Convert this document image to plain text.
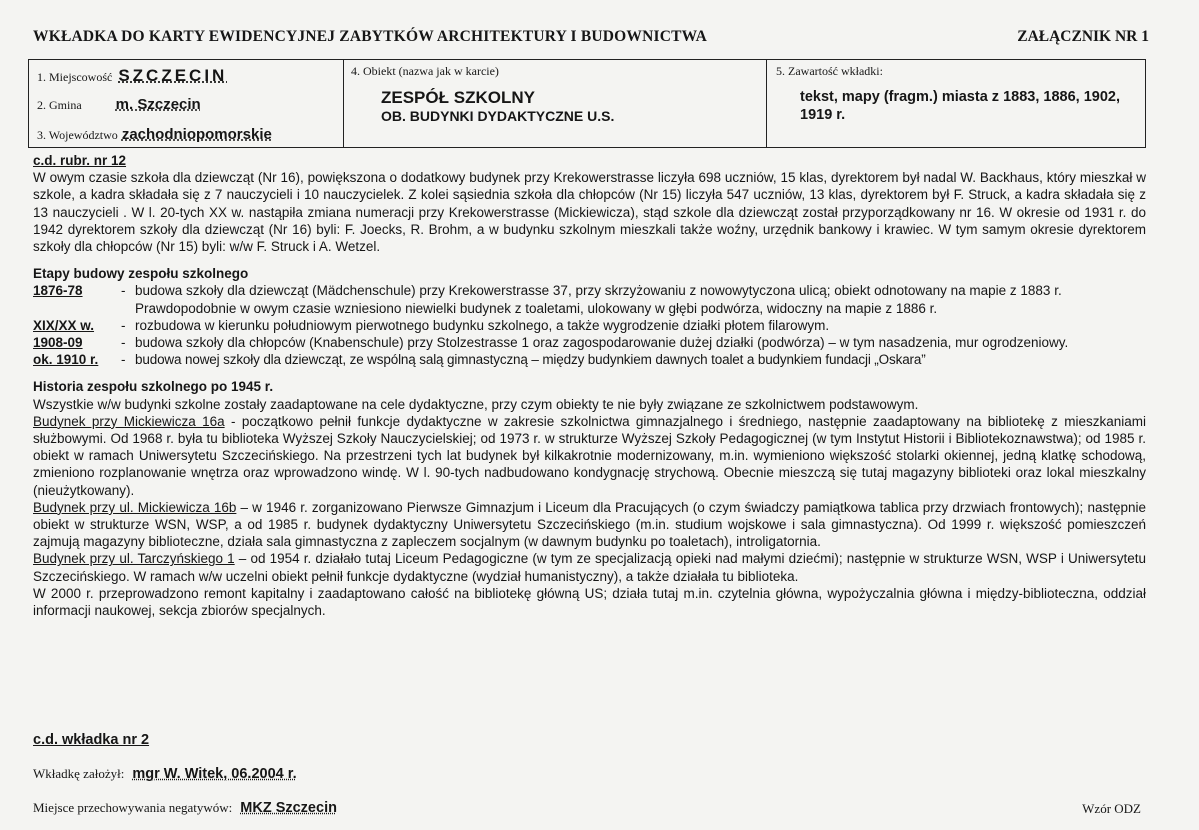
WKŁADKA DO KARTY EWIDENCYJNEJ ZABYTKÓW ARCHITEKTURY I BUDOWNICTWA	ZAŁĄCZNIK NR 1
1. Miejscowość SZCZECIN
2. Gmina m. Szczecin
3. Województwo zachodniopomorskie
4. Obiekt (nazwa jak w karcie)
ZESPÓŁ SZKOLNY
OB. BUDYNKI DYDAKTYCZNE U.S.
5. Zawartość wkładki:
tekst, mapy (fragm.) miasta z 1883, 1886, 1902, 1919 r.
c.d. rubr. nr 12

W owym czasie szkoła dla dziewcząt (Nr 16), powiększona o dodatkowy budynek przy Krekowerstrasse liczyła 698 uczniów, 15 klas, dyrektorem był nadal W. Backhaus, który mieszkał w szkole, a kadra składała się z 7 nauczycieli i 10 nauczycielek. Z kolei sąsiednia szkoła dla chłopców (Nr 15) liczyła 547 uczniów, 13 klas, dyrektorem był F. Struck, a kadra składała się z 13 nauczycieli . W l. 20-tych XX w. nastąpiła zmiana numeracji przy Krekowerstrasse (Mickiewicza), stąd szkole dla dziewcząt został przyporządkowany nr 16. W okresie od 1931 r. do 1942 dyrektorem szkoły dla dziewcząt (Nr 16) byli: F. Joecks, R. Brohm, a w budynku szkolnym mieszkali także woźny, urzędnik bankowy i krawiec. W tym samym okresie dyrektorem szkoły dla chłopców (Nr 15) byli: w/w F. Struck i A. Wetzel.

Etapy budowy zespołu szkolnego
1876-78	- budowa szkoły dla dziewcząt (Mädchenschule) przy Krekowerstrasse 37, przy skrzyżowaniu z nowowytyczona ulicą; obiekt odnotowany na mapie z 1883 r. Prawdopodobnie w owym czasie wzniesiono niewielki budynek z toaletami, ulokowany w głębi podwórza, widoczny na mapie z 1886 r.
XIX/XX w.	- rozbudowa w kierunku południowym pierwotnego budynku szkolnego, a także wygrodzenie działki płotem filarowym.
1908-09	- budowa szkoły dla chłopców (Knabenschule) przy Stolzestrasse 1 oraz zagospodarowanie dużej działki (podwórza) – w tym nasadzenia, mur ogrodzeniowy.
ok. 1910 r.	- budowa nowej szkoły dla dziewcząt, ze wspólną salą gimnastyczną – między budynkiem dawnych toalet a budynkiem fundacji „Oskara”
Historia zespołu szkolnego po 1945 r.

Wszystkie w/w budynki szkolne zostały zaadaptowane na cele dydaktyczne, przy czym obiekty te nie były związane ze szkolnictwem podstawowym.

Budynek przy Mickiewicza 16a - początkowo pełnił funkcje dydaktyczne w zakresie szkolnictwa gimnazjalnego i średniego, następnie zaadaptowany na bibliotekę z mieszkaniami służbowymi. Od 1968 r. była tu biblioteka Wyższej Szkoły Nauczycielskiej; od 1973 r. w strukturze Wyższej Szkoły Pedagogicznej (w tym Instytut Historii i Bibliotekoznawstwa); od 1985 r. obiekt w ramach Uniwersytetu Szczecińskiego. Na przestrzeni tych lat budynek był kilkakrotnie modernizowany, m.in. wymieniono większość stolarki okiennej, jedną klatkę schodową, zmieniono rozplanowanie wnętrza oraz wprowadzono windę. W l. 90-tych nadbudowano kondygnację strychową. Obecnie mieszczą się tutaj magazyny biblioteki oraz lokal mieszkalny (nieużytkowany).

Budynek przy ul. Mickiewicza 16b – w 1946 r. zorganizowano Pierwsze Gimnazjum i Liceum dla Pracujących (o czym świadczy pamiątkowa tablica przy drzwiach frontowych); następnie obiekt w strukturze WSN, WSP, a od 1985 r. budynek dydaktyczny Uniwersytetu Szczecińskiego (m.in. studium wojskowe i sala gimnastyczna). Od 1999 r. większość pomieszczeń zajmują magazyny biblioteczne, działa sala gimnastyczna z zapleczem socjalnym (w dawnym budynku po toaletach), introligatornia.

Budynek przy ul. Tarczyńskiego 1 – od 1954 r. działało tutaj Liceum Pedagogiczne (w tym ze specjalizacją opieki nad małymi dziećmi); następnie w strukturze WSN, WSP i Uniwersytetu Szczecińskiego. W ramach w/w uczelni obiekt pełnił funkcje dydaktyczne (wydział humanistyczny), a także działała tu biblioteka.

W 2000 r. przeprowadzono remont kapitalny i zaadaptowano całość na bibliotekę główną US; działa tutaj m.in. czytelnia główna, wypożyczalnia główna i między-biblioteczna, oddział informacji naukowej, sekcja zbiorów specjalnych.

c.d. wkładka nr 2
Wkładkę założył: mgr W. Witek, 06.2004 r.
Miejsce przechowywania negatywów: MKZ Szczecin	Wzór ODZ
